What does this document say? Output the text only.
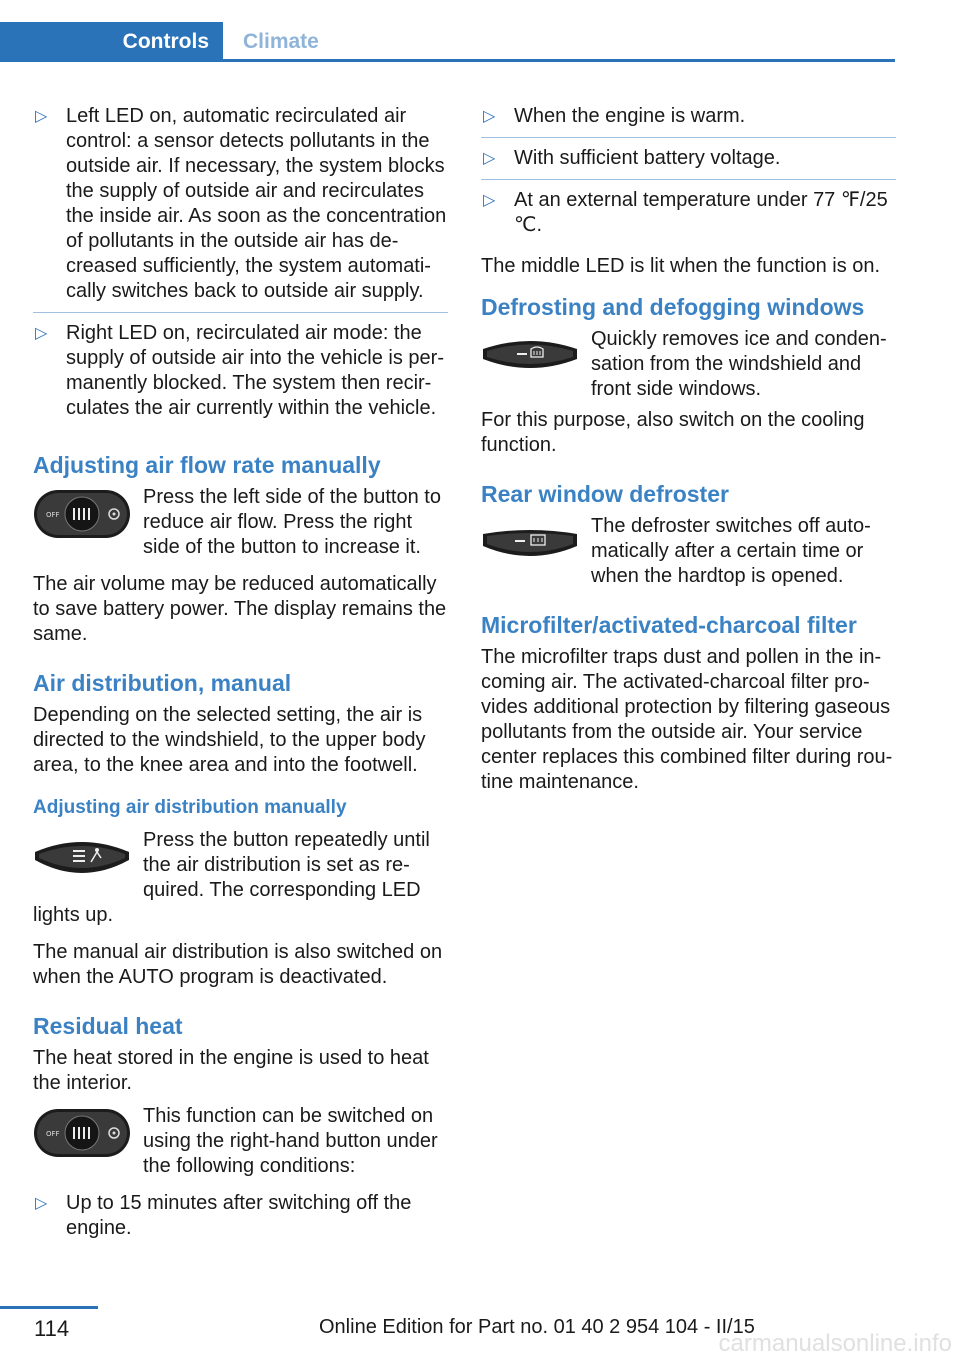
Controls	Climate
▷ Left LED on, automatic recirculated air control: a sensor detects pollutants in the outside air. If necessary, the system blocks the supply of outside air and recirculates the inside air. As soon as the concentration of pollutants in the outside air has de-creased sufficiently, the system automati-cally switches back to outside air supply.
▷ Right LED on, recirculated air mode: the supply of outside air into the vehicle is per-manently blocked. The system then recir-culates the air currently within the vehicle.
Adjusting air flow rate manually
OFF
Press the left side of the button to reduce air flow. Press the right side of the button to increase it.

The air volume may be reduced automatically to save battery power. The display remains the same.

Air distribution, manual

Depending on the selected setting, the air is directed to the windshield, to the upper body area, to the knee area and into the footwell.

Adjusting air distribution manually
Press the button repeatedly until the air distribution is set as re-quired. The corresponding LED lights up.

The manual air distribution is also switched on when the AUTO program is deactivated.

Residual heat

The heat stored in the engine is used to heat the interior.

OFF
This function can be switched on using the right-hand button under the following conditions:
▷ Up to 15 minutes after switching off the engine.
▷ When the engine is warm.
▷ With sufficient battery voltage.
▷ At an external temperature under 77 ℉/25 ℃.

The middle LED is lit when the function is on.

Defrosting and defogging windows
Quickly removes ice and conden-sation from the windshield and front side windows.

For this purpose, also switch on the cooling function.

Rear window defroster
The defroster switches off auto-matically after a certain time or when the hardtop is opened.
Microfilter/activated-charcoal filter

The microfilter traps dust and pollen in the in-coming air. The activated-charcoal filter pro-vides additional protection by filtering gaseous pollutants from the outside air. Your service center replaces this combined filter during rou-tine maintenance.

114	Online Edition for Part no. 01 40 2 954 104 - II/15
carmanualsonline.info
